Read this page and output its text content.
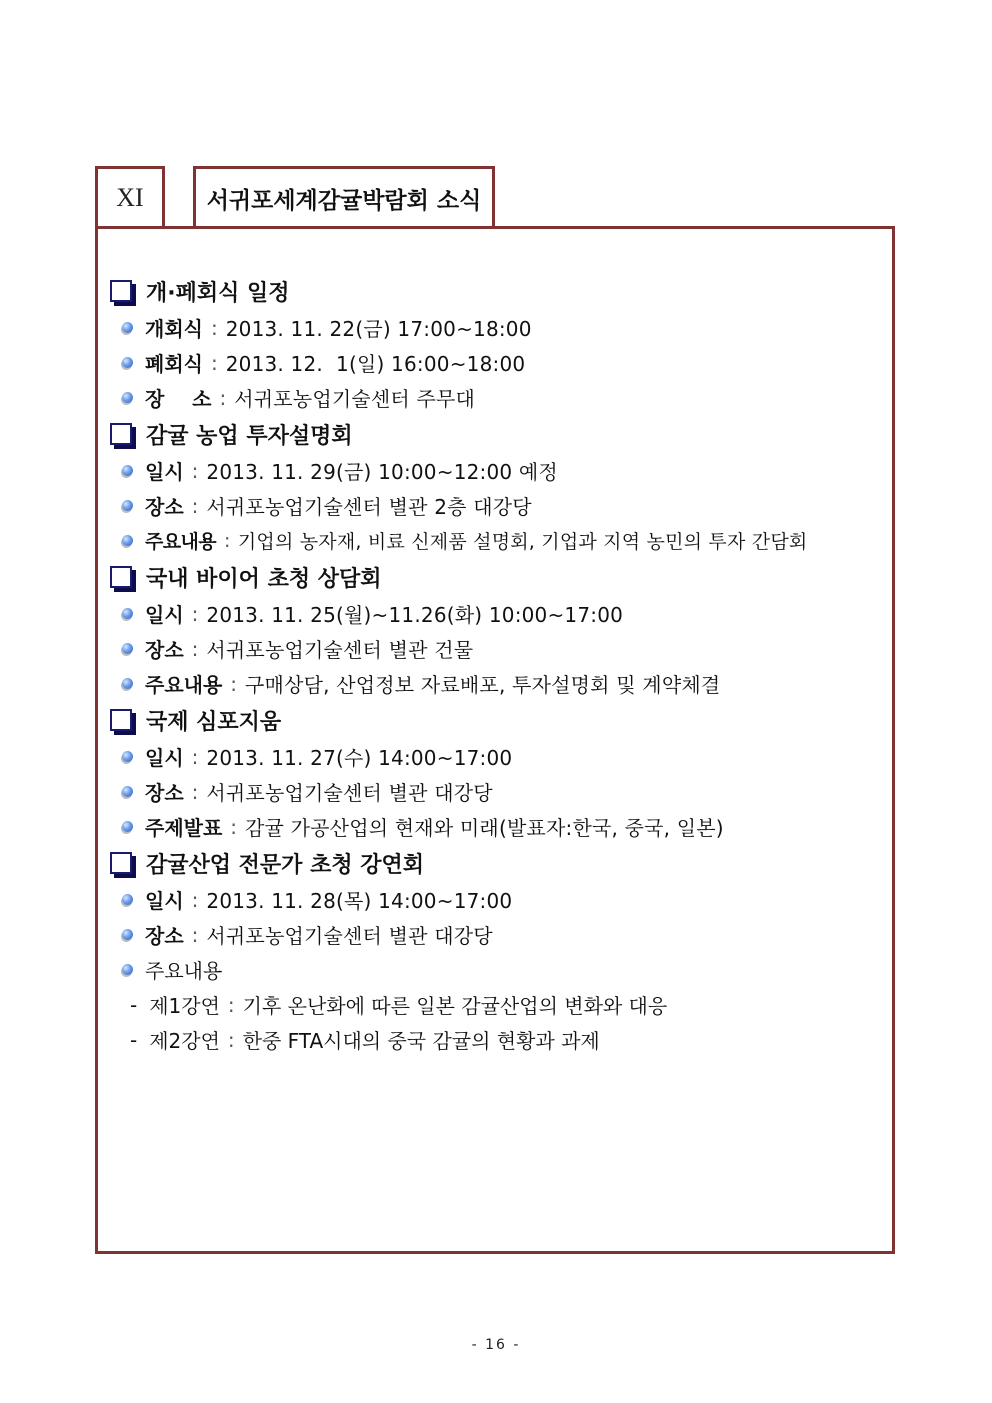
XI	서귀포세계감귤박람회 소식
개·페회식 일정
개회식 : 2013. 11. 22(금) 17:00~18:00
폐회식 : 2013. 12.  1(일) 16:00~18:00
장    소 : 서귀포농업기술센터 주무대
감귤 농업 투자설명회
일시 : 2013. 11. 29(금) 10:00~12:00 예정
장소 : 서귀포농업기술센터 별관 2층 대강당
주요내용 : 기업의 농자재, 비료 신제품 설명회, 기업과 지역 농민의 투자 간담회
국내 바이어 초청 상담회
일시 : 2013. 11. 25(월)~11.26(화) 10:00~17:00
장소 : 서귀포농업기술센터 별관 건물
주요내용 : 구매상담, 산업정보 자료배포, 투자설명회 및 계약체결
국제 심포지움
일시 : 2013. 11. 27(수) 14:00~17:00
장소 : 서귀포농업기술센터 별관 대강당
주제발표 : 감귤 가공산업의 현재와 미래(발표자:한국, 중국, 일본)
감귤산업 전문가 초청 강연회
일시 : 2013. 11. 28(목) 14:00~17:00
장소 : 서귀포농업기술센터 별관 대강당
주요내용
- 제1강연 : 기후 온난화에 따른 일본 감귤산업의 변화와 대응
- 제2강연 : 한중 FTA시대의 중국 감귤의 현황과 과제
- 16 -
